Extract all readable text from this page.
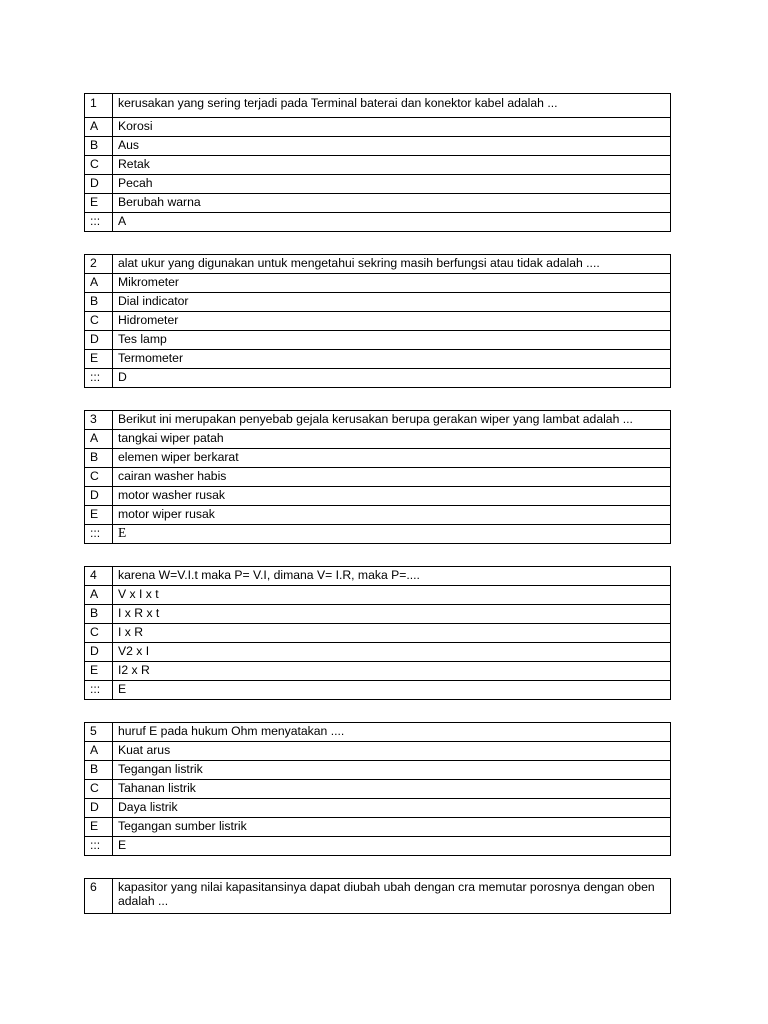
1	kerusakan yang sering terjadi pada Terminal baterai dan konektor kabel adalah ...
A	Korosi
B	Aus
C	Retak
D	Pecah
E	Berubah warna
:::	A
2	alat ukur yang digunakan untuk mengetahui sekring masih berfungsi atau tidak adalah ....
A	Mikrometer
B	Dial indicator
C	Hidrometer
D	Tes lamp
E	Termometer
:::	D
3	Berikut ini merupakan penyebab gejala kerusakan berupa gerakan wiper yang lambat adalah ...
A	tangkai wiper patah
B	elemen wiper berkarat
C	cairan washer habis
D	motor washer rusak
E	motor wiper rusak
:::	E
4	karena W=V.I.t maka P= V.I, dimana V= I.R, maka P=....
A	V x I x t
B	I x R x t
C	I x R
D	V2 x I
E	I2 x R
:::	E
5	huruf E pada hukum Ohm menyatakan ....
A	Kuat arus
B	Tegangan listrik
C	Tahanan listrik
D	Daya listrik
E	Tegangan sumber listrik
:::	E
6	kapasitor yang nilai kapasitansinya dapat diubah ubah dengan cra memutar porosnya dengan oben adalah ...
